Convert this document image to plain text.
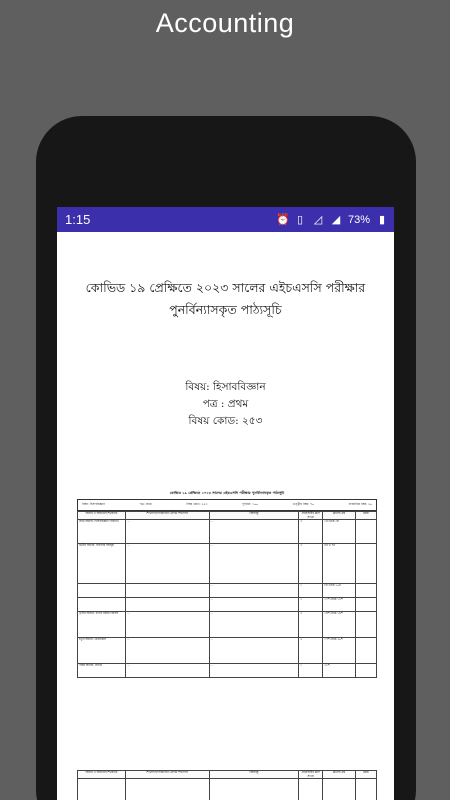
Accounting
1:15	⏰ ▯ ◿ ◢ 73% ▮
কোভিড ১৯ প্রেক্ষিতে ২০২৩ সালের এইচএসসি পরীক্ষার
পুনর্বিন্যাসকৃত পাঠ্যসূচি
বিষয়: হিসাববিজ্ঞান
পত্র : প্রথম
বিষয় কোড: ২৫৩
কোভিড ১৯ প্রেক্ষিতে ২০২৩ সালের এইচএসসি পরীক্ষার পুনর্বিন্যাসকৃত পাঠ্যসূচি
বিষয়: হিসাববিজ্ঞান	পত্র: প্রথম	বিষয় কোড: ২৫৩	পূর্ণমান: ১০০	তত্ত্বীয় নম্বর: ৭০	ব্যবহারিক নম্বর: ৩০
অধ্যায় ও অধ্যায়ের শিরোনাম	শিখনফল/পরিমার্জিত উদ্দিষ্ট শিখনফল	বিষয়বস্তু	প্রয়োজনীয় ক্লাস সংখ্যা	ক্লাসের ক্রম	মন্তব্য
প্রথম অধ্যায়: হিসাববিজ্ঞান পরিচিতি	...	...	৩	১ম থেকে ৩য়	
দ্বিতীয় অধ্যায়: হিসাবের বইসমূহ	...	...	৩	৪র্থ ও ৭ম	
		...	১	৮ম থেকে ১০ম	
		...	১	১১শ থেকে ১৩শ	
তৃতীয় অধ্যায়: ব্যাংক সমন্বয় বিবরণী	...	...	৩	১৪শ থেকে ১৬শ	
চতুর্থ অধ্যায়: রেওয়ামিল	...	...	২	১৭শ থেকে ২০শ	
পঞ্চম অধ্যায়: প্রতিক	...	...	১	২১শ	
অধ্যায় ও অধ্যায়ের শিরোনাম	শিখনফল/পরিমার্জিত উদ্দিষ্ট শিখনফল	বিষয়বস্তু	প্রয়োজনীয় ক্লাস সংখ্যা	ক্লাসের ক্রম	মন্তব্য
